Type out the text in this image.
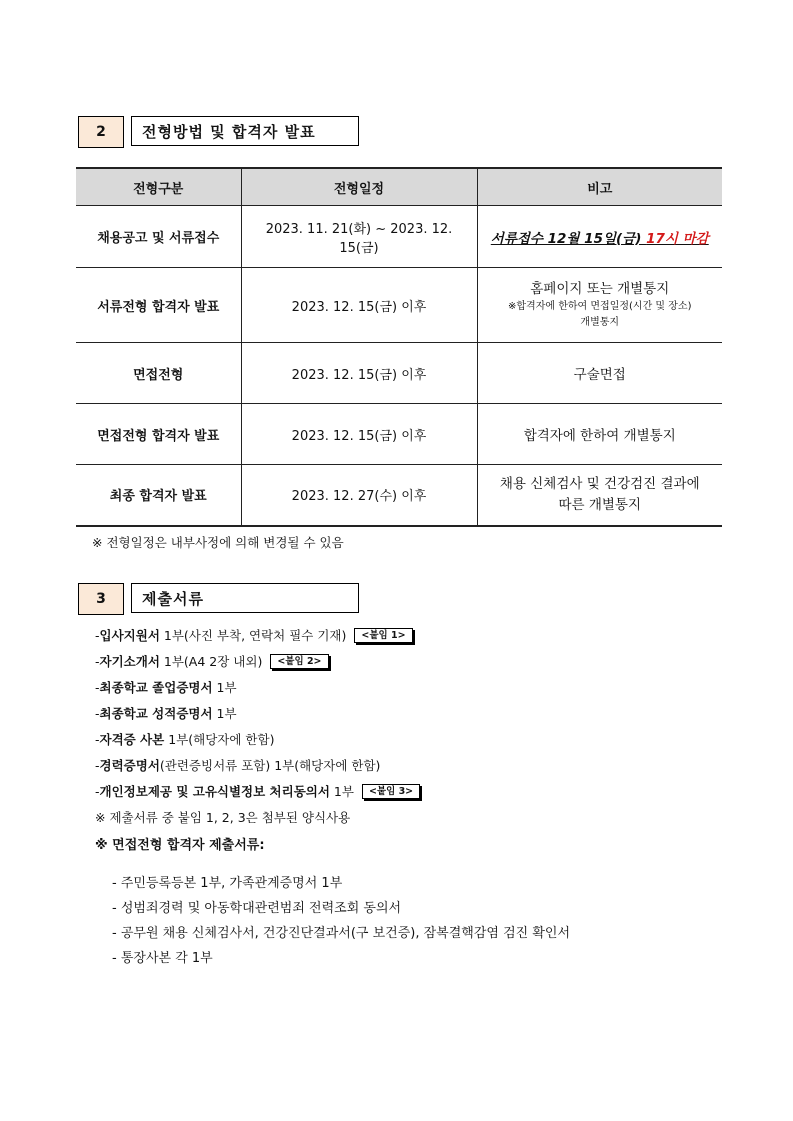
2	전형방법 및 합격자 발표
전형구분	전형일정	비고
채용공고 및 서류접수	2023. 11. 21(화) ~ 2023. 12. 15(금)	서류접수 12월 15일(금) 17시 마감
서류전형 합격자 발표	2023. 12. 15(금) 이후	홈페이지 또는 개별통지
※합격자에 한하여 면접일정(시간 및 장소)
개별통지

면접전형	2023. 12. 15(금) 이후	구술면접
면접전형 합격자 발표	2023. 12. 15(금) 이후	합격자에 한하여 개별통지
최종 합격자 발표	2023. 12. 27(수) 이후	채용 신체검사 및 건강검진 결과에
따른 개별통지
※ 전형일정은 내부사정에 의해 변경될 수 있음
3	제출서류
- 입사지원서 1부(사진 부착, 연락처 필수 기재)	<붙임 1>
- 자기소개서 1부(A4 2장 내외)	<붙임 2>
- 최종학교 졸업증명서 1부
- 최종학교 성적증명서 1부
- 자격증 사본 1부(해당자에 한함)
- 경력증명서 (관련증빙서류 포함) 1부(해당자에 한함)
- 개인정보제공 및 고유식별정보 처리동의서 1부	<붙임 3>
※ 제출서류 중 붙임 1, 2, 3은 첨부된 양식사용
※ 면접전형 합격자 제출서류:
- 주민등록등본 1부, 가족관계증명서 1부
- 성범죄경력 및 아동학대관련범죄 전력조회 동의서
- 공무원 채용 신체검사서, 건강진단결과서(구 보건증), 잠복결핵감염 검진 확인서
- 통장사본 각 1부
